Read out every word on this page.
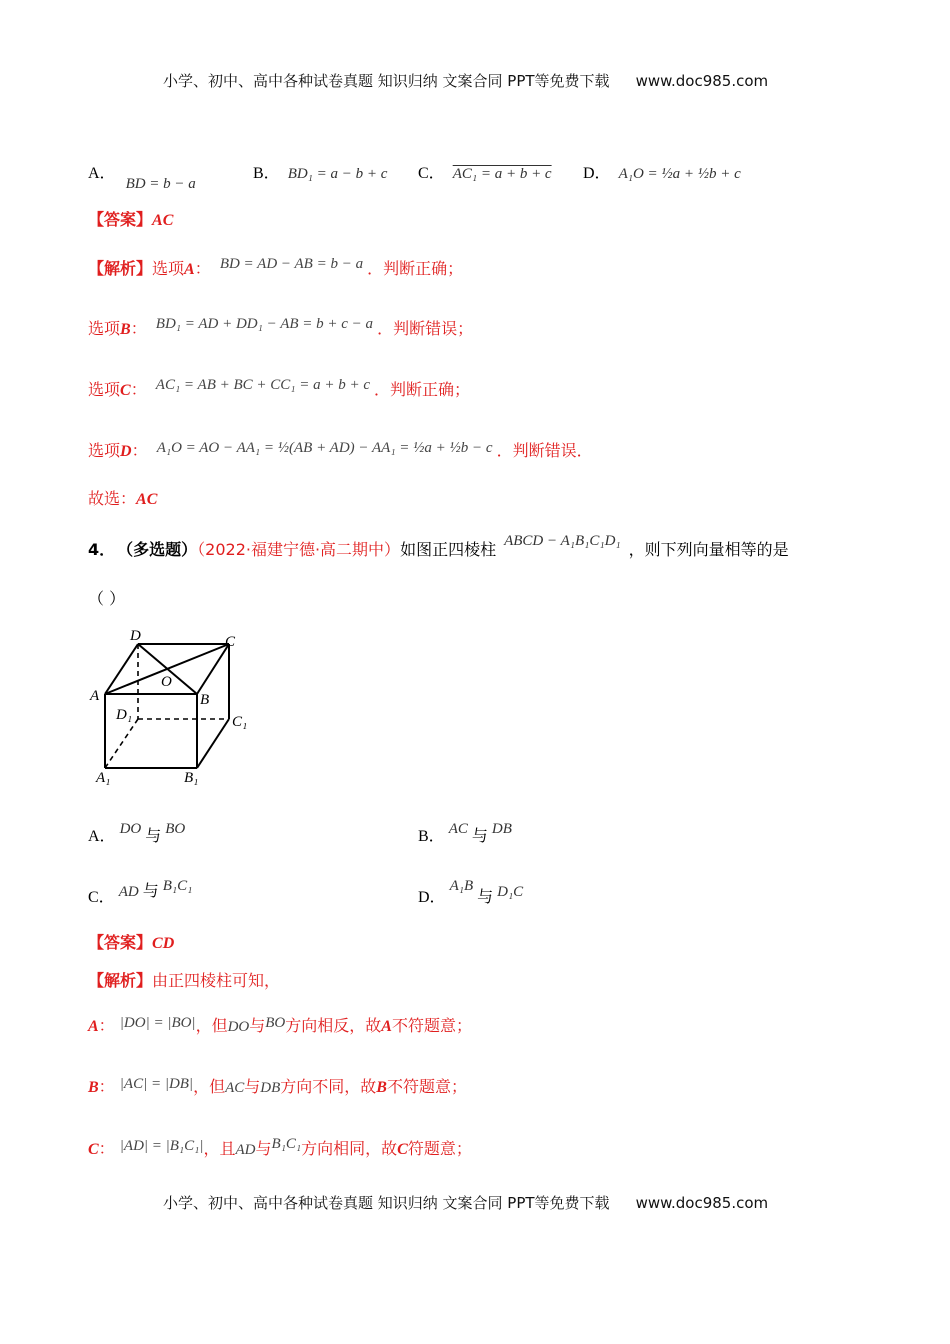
小学、初中、高中各种试卷真题 知识归纳 文案合同 PPT等免费下载 www.doc985.com
A． BD = b − a
B． BD₁ = a − b + c C． AC₁ = a + b + c D． A₁O = ½a + ½b + c
【答案】AC
【解析】选项A： BD = AD − AB = b − a ．判断正确；
选项B： BD₁ = AD + DD₁ − AB = b + c − a ．判断错误；
选项C： AC₁ = AB + BC + CC₁ = a + b + c ．判断正确；
选项D： A₁O = AO − AA₁ = ½(AB + AD) − AA₁ = ½a + ½b − c ．判断错误．
故选：AC
4． （多选题）（2022·福建宁德·高二期中）如图正四棱柱 ABCD − A₁B₁C₁D₁ ，则下列向量相等的是
（ ）
D	C
A
O
B
D₁	C₁
A₁	B₁
A． DO 与 BO	B． AC 与 DB
C． AD 与 B₁C₁
D． A₁B 与 D₁C
【答案】CD
【解析】由正四棱柱可知，
A： |DO| = |BO|，但DO与BO方向相反，故A不符题意；
B： |AC| = |DB|，但AC与DB方向不同，故B不符题意；
C： |AD| = |B₁C₁|，且AD与B₁C₁方向相同，故C符题意；
小学、初中、高中各种试卷真题 知识归纳 文案合同 PPT等免费下载 www.doc985.com
